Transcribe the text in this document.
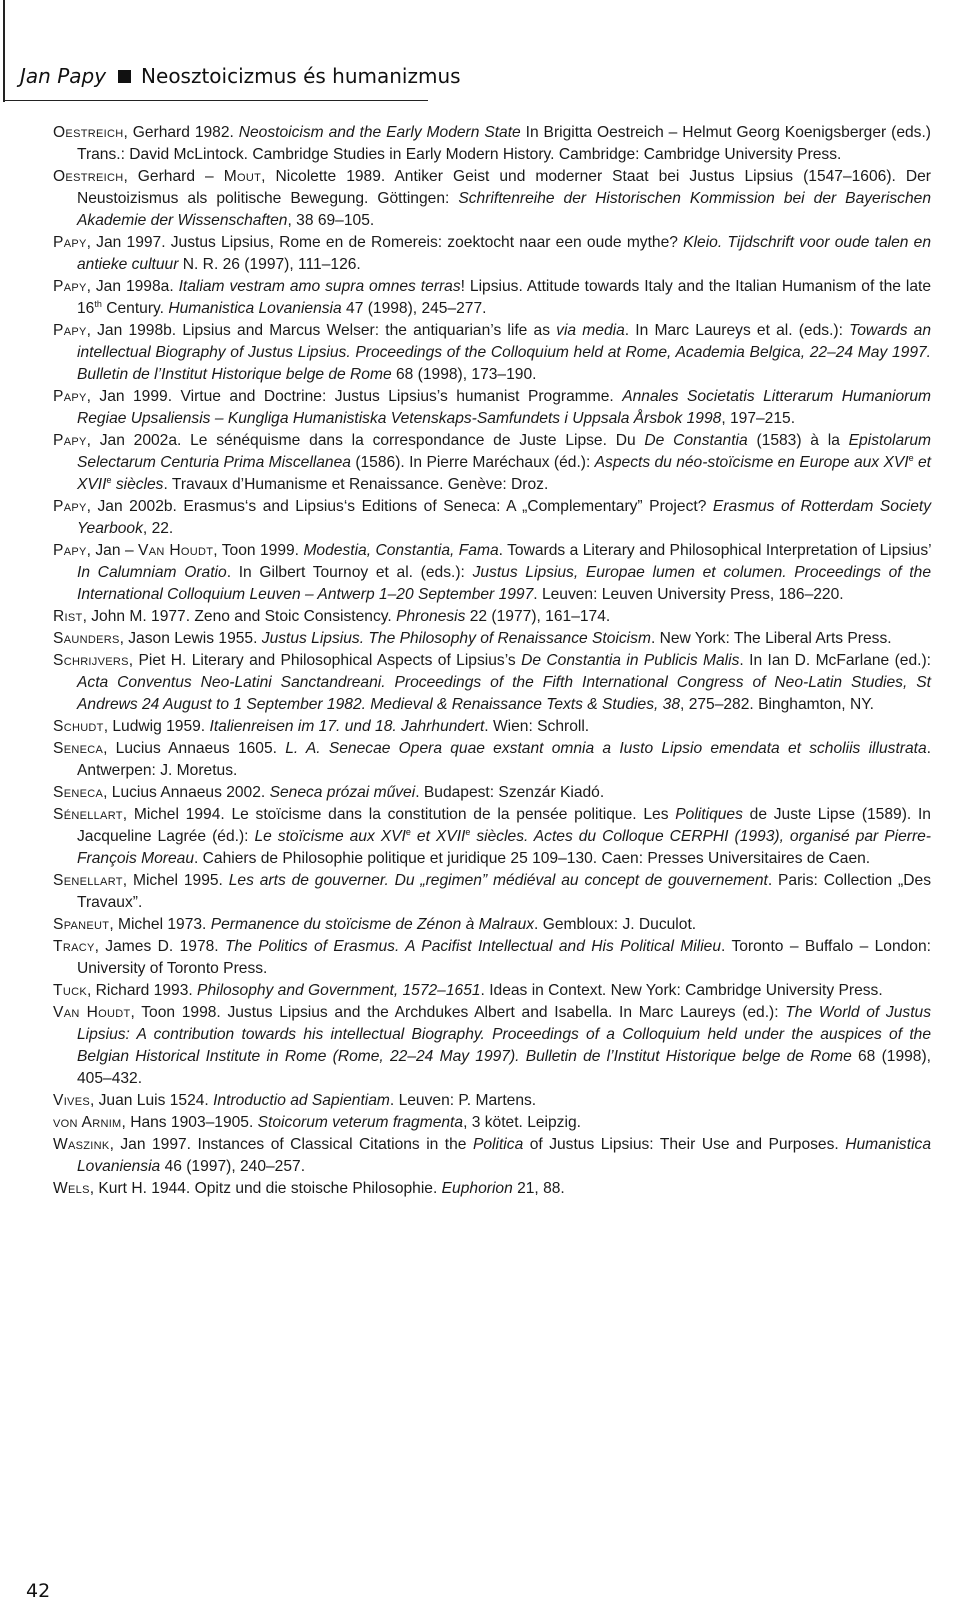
Jan Papy Neosztoicizmus és humanizmus

Oestreich, Gerhard 1982. Neostoicism and the Early Modern State In Brigitta Oestreich – Helmut Georg Koenigsberger (eds.) Trans.: David McLintock. Cambridge Studies in Early Modern History. Cambridge: Cambridge University Press.

Oestreich, Gerhard – Mout, Nicolette 1989. Antiker Geist und moderner Staat bei Justus Lipsius (1547–1606). Der Neustoizismus als politische Bewegung. Göttingen: Schriftenreihe der Historischen Kommission bei der Bayerischen Akademie der Wissenschaften, 38 69–105.

Papy, Jan 1997. Justus Lipsius, Rome en de Romereis: zoektocht naar een oude mythe? Kleio. Tijdschrift voor oude talen en antieke cultuur N. R. 26 (1997), 111–126.

Papy, Jan 1998a. Italiam vestram amo supra omnes terras! Lipsius. Attitude towards Italy and the Italian Humanism of the late 16th Century. Humanistica Lovaniensia 47 (1998), 245–277.

Papy, Jan 1998b. Lipsius and Marcus Welser: the antiquarian’s life as via media. In Marc Laureys et al. (eds.): Towards an intellectual Biography of Justus Lipsius. Proceedings of the Colloquium held at Rome, Academia Belgica, 22–24 May 1997. Bulletin de l’Institut Historique belge de Rome 68 (1998), 173–190.

Papy, Jan 1999. Virtue and Doctrine: Justus Lipsius’s humanist Programme. Annales Societatis Litterarum Humaniorum Regiae Upsaliensis – Kungliga Humanistiska Vetenskaps-Samfundets i Uppsala Årsbok 1998, 197–215.

Papy, Jan 2002a. Le sénéquisme dans la correspondance de Juste Lipse. Du De Constantia (1583) à la Epistolarum Selectarum Centuria Prima Miscellanea (1586). In Pierre Maréchaux (éd.): Aspects du néo-stoïcisme en Europe aux XVIe et XVIIe siècles. Travaux d’Humanisme et Renaissance. Genève: Droz.

Papy, Jan 2002b. Erasmus‘s and Lipsius‘s Editions of Seneca: A „Complementary” Project? Erasmus of Rotterdam Society Yearbook, 22.

Papy, Jan – Van Houdt, Toon 1999. Modestia, Constantia, Fama. Towards a Literary and Philosophical Interpretation of Lipsius’ In Calumniam Oratio. In Gilbert Tournoy et al. (eds.): Justus Lipsius, Europae lumen et columen. Proceedings of the International Colloquium Leuven – Antwerp 1–20 September 1997. Leuven: Leuven University Press, 186–220.

Rist, John M. 1977. Zeno and Stoic Consistency. Phronesis 22 (1977), 161–174.

Saunders, Jason Lewis 1955. Justus Lipsius. The Philosophy of Renaissance Stoicism. New York: The Liberal Arts Press.

Schrijvers, Piet H. Literary and Philosophical Aspects of Lipsius’s De Constantia in Publicis Malis. In Ian D. McFarlane (ed.): Acta Conventus Neo-Latini Sanctandreani. Proceedings of the Fifth International Congress of Neo-Latin Studies, St Andrews 24 August to 1 September 1982. Medieval & Renaissance Texts & Studies, 38, 275–282. Binghamton, NY.

Schudt, Ludwig 1959. Italienreisen im 17. und 18. Jahrhundert. Wien: Schroll.

Seneca, Lucius Annaeus 1605. L. A. Senecae Opera quae exstant omnia a Iusto Lipsio emendata et scholiis illustrata. Antwerpen: J. Moretus.

Seneca, Lucius Annaeus 2002. Seneca prózai művei. Budapest: Szenzár Kiadó.

Sénellart, Michel 1994. Le stoïcisme dans la constitution de la pensée politique. Les Politiques de Juste Lipse (1589). In Jacqueline Lagrée (éd.): Le stoïcisme aux XVIe et XVIIe siècles. Actes du Colloque CERPHI (1993), organisé par Pierre-François Moreau. Cahiers de Philosophie politique et juridique 25 109–130. Caen: Presses Universitaires de Caen.

Senellart, Michel 1995. Les arts de gouverner. Du „regimen” médiéval au concept de gouvernement. Paris: Collection „Des Travaux”.

Spaneut, Michel 1973. Permanence du stoïcisme de Zénon à Malraux. Gembloux: J. Duculot.

Tracy, James D. 1978. The Politics of Erasmus. A Pacifist Intellectual and His Political Milieu. Toronto – Buffalo – London: University of Toronto Press.

Tuck, Richard 1993. Philosophy and Government, 1572–1651. Ideas in Context. New York: Cambridge University Press.

Van Houdt, Toon 1998. Justus Lipsius and the Archdukes Albert and Isabella. In Marc Laureys (ed.): The World of Justus Lipsius: A contribution towards his intellectual Biography. Proceedings of a Colloquium held under the auspices of the Belgian Historical Institute in Rome (Rome, 22–24 May 1997). Bulletin de l’Institut Historique belge de Rome 68 (1998), 405–432.

Vives, Juan Luis 1524. Introductio ad Sapientiam. Leuven: P. Martens.

von Arnim, Hans 1903–1905. Stoicorum veterum fragmenta, 3 kötet. Leipzig.

Waszink, Jan 1997. Instances of Classical Citations in the Politica of Justus Lipsius: Their Use and Purposes. Humanistica Lovaniensia 46 (1997), 240–257.

Wels, Kurt H. 1944. Opitz und die stoische Philosophie. Euphorion 21, 88.

42
